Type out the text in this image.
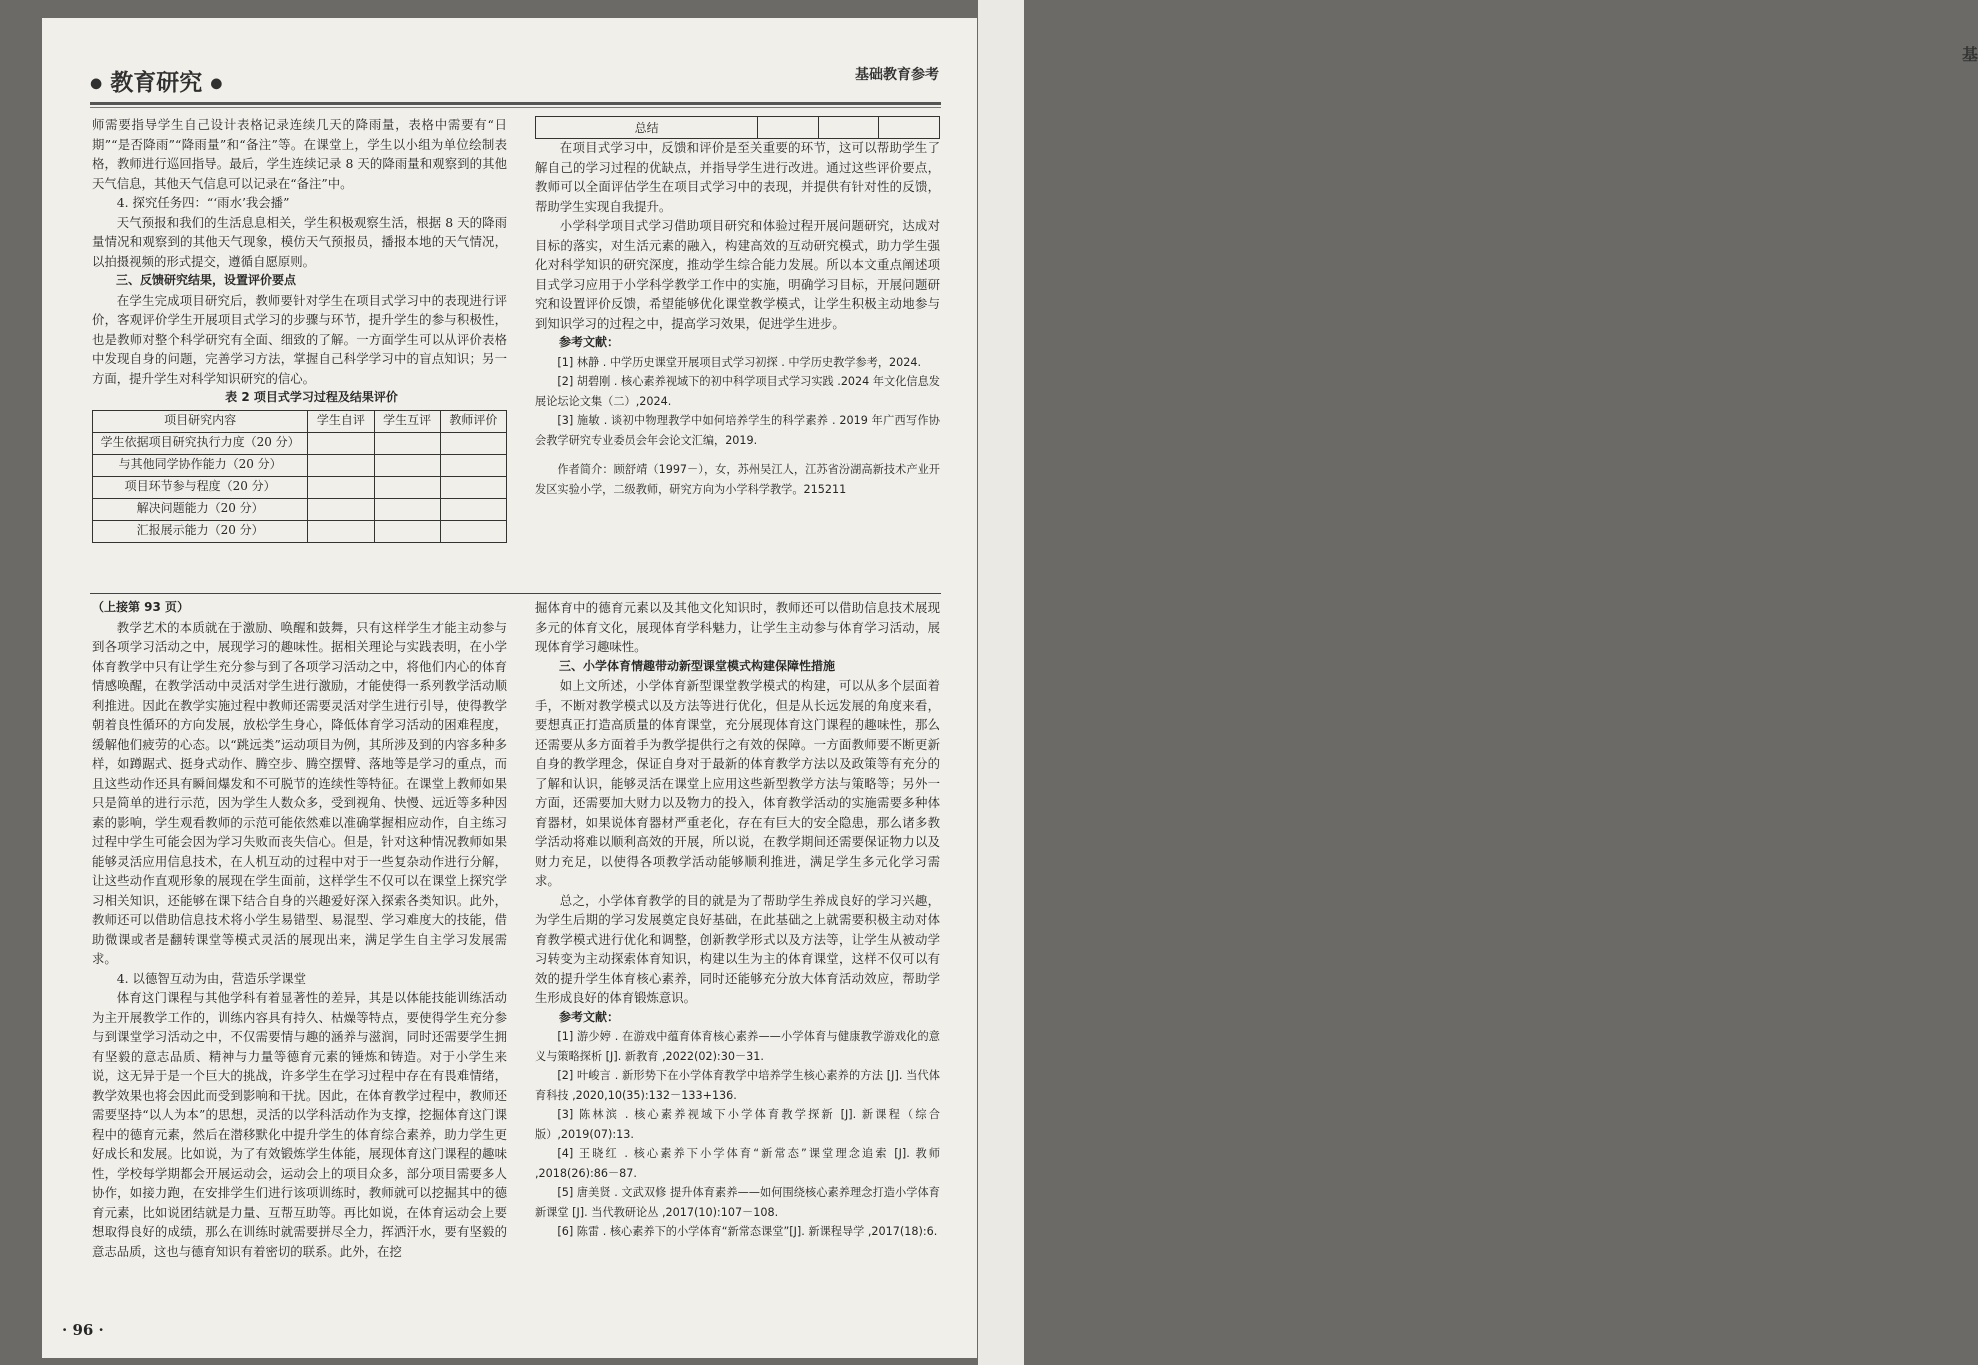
基
● 教育研究 ●
基础教育参考

师需要指导学生自己设计表格记录连续几天的降雨量，表格中需要有“日期”“是否降雨”“降雨量”和“备注”等。在课堂上，学生以小组为单位绘制表格，教师进行巡回指导。最后，学生连续记录 8 天的降雨量和观察到的其他天气信息，其他天气信息可以记录在“备注”中。

4. 探究任务四：“‘雨水’我会播”

天气预报和我们的生活息息相关，学生积极观察生活，根据 8 天的降雨量情况和观察到的其他天气现象，模仿天气预报员，播报本地的天气情况，以拍摄视频的形式提交，遵循自愿原则。

三、反馈研究结果，设置评价要点

在学生完成项目研究后，教师要针对学生在项目式学习中的表现进行评价，客观评价学生开展项目式学习的步骤与环节，提升学生的参与积极性，也是教师对整个科学研究有全面、细致的了解。一方面学生可以从评价表格中发现自身的问题，完善学习方法，掌握自己科学学习中的盲点知识；另一方面，提升学生对科学知识研究的信心。

表 2 项目式学习过程及结果评价

项目研究内容	学生自评	学生互评	教师评价
学生依据项目研究执行力度（20 分）			
与其他同学协作能力（20 分）			
项目环节参与程度（20 分）			
解决问题能力（20 分）			
汇报展示能力（20 分）			
总结			

在项目式学习中，反馈和评价是至关重要的环节，这可以帮助学生了解自己的学习过程的优缺点，并指导学生进行改进。通过这些评价要点，教师可以全面评估学生在项目式学习中的表现，并提供有针对性的反馈，帮助学生实现自我提升。

小学科学项目式学习借助项目研究和体验过程开展问题研究，达成对目标的落实，对生活元素的融入，构建高效的互动研究模式，助力学生强化对科学知识的研究深度，推动学生综合能力发展。所以本文重点阐述项目式学习应用于小学科学教学工作中的实施，明确学习目标，开展问题研究和设置评价反馈，希望能够优化课堂教学模式，让学生积极主动地参与到知识学习的过程之中，提高学习效果，促进学生进步。

参考文献：

[1] 林静 . 中学历史课堂开展项目式学习初探 . 中学历史教学参考，2024.

[2] 胡碧刚 . 核心素养视域下的初中科学项目式学习实践 .2024 年文化信息发展论坛论文集（二）,2024.

[3] 施敏 . 谈初中物理教学中如何培养学生的科学素养 . 2019 年广西写作协会教学研究专业委员会年会论文汇编，2019.

作者简介：顾舒靖（1997－），女，苏州吴江人，江苏省汾湖高新技术产业开发区实验小学，二级教师，研究方向为小学科学教学。215211

（上接第 93 页）

教学艺术的本质就在于激励、唤醒和鼓舞，只有这样学生才能主动参与到各项学习活动之中，展现学习的趣味性。据相关理论与实践表明，在小学体育教学中只有让学生充分参与到了各项学习活动之中，将他们内心的体育情感唤醒，在教学活动中灵活对学生进行激励，才能使得一系列教学活动顺利推进。因此在教学实施过程中教师还需要灵活对学生进行引导，使得教学朝着良性循环的方向发展，放松学生身心，降低体育学习活动的困难程度，缓解他们疲劳的心态。以“跳远类”运动项目为例，其所涉及到的内容多种多样，如蹲踞式、挺身式动作、腾空步、腾空摆臂、落地等是学习的重点，而且这些动作还具有瞬间爆发和不可脱节的连续性等特征。在课堂上教师如果只是简单的进行示范，因为学生人数众多，受到视角、快慢、远近等多种因素的影响，学生观看教师的示范可能依然难以准确掌握相应动作，自主练习过程中学生可能会因为学习失败而丧失信心。但是，针对这种情况教师如果能够灵活应用信息技术，在人机互动的过程中对于一些复杂动作进行分解，让这些动作直观形象的展现在学生面前，这样学生不仅可以在课堂上探究学习相关知识，还能够在课下结合自身的兴趣爱好深入探索各类知识。此外，教师还可以借助信息技术将小学生易错型、易混型、学习难度大的技能，借助微课或者是翻转课堂等模式灵活的展现出来，满足学生自主学习发展需求。

4. 以德智互动为由，营造乐学课堂

体育这门课程与其他学科有着显著性的差异，其是以体能技能训练活动为主开展教学工作的，训练内容具有持久、枯燥等特点，要使得学生充分参与到课堂学习活动之中，不仅需要情与趣的涵养与滋润，同时还需要学生拥有坚毅的意志品质、精神与力量等德育元素的锤炼和铸造。对于小学生来说，这无异于是一个巨大的挑战，许多学生在学习过程中存在有畏难情绪，教学效果也将会因此而受到影响和干扰。因此，在体育教学过程中，教师还需要坚持“以人为本”的思想，灵活的以学科活动作为支撑，挖掘体育这门课程中的德育元素，然后在潜移默化中提升学生的体育综合素养，助力学生更好成长和发展。比如说，为了有效锻炼学生体能，展现体育这门课程的趣味性，学校每学期都会开展运动会，运动会上的项目众多，部分项目需要多人协作，如接力跑，在安排学生们进行该项训练时，教师就可以挖掘其中的德育元素，比如说团结就是力量、互帮互助等。再比如说，在体育运动会上要想取得良好的成绩，那么在训练时就需要拼尽全力，挥洒汗水，要有坚毅的意志品质，这也与德育知识有着密切的联系。此外，在挖

掘体育中的德育元素以及其他文化知识时，教师还可以借助信息技术展现多元的体育文化，展现体育学科魅力，让学生主动参与体育学习活动，展现体育学习趣味性。

三、小学体育情趣带动新型课堂模式构建保障性措施

如上文所述，小学体育新型课堂教学模式的构建，可以从多个层面着手，不断对教学模式以及方法等进行优化，但是从长远发展的角度来看，要想真正打造高质量的体育课堂，充分展现体育这门课程的趣味性，那么还需要从多方面着手为教学提供行之有效的保障。一方面教师要不断更新自身的教学理念，保证自身对于最新的体育教学方法以及政策等有充分的了解和认识，能够灵活在课堂上应用这些新型教学方法与策略等；另外一方面，还需要加大财力以及物力的投入，体育教学活动的实施需要多种体育器材，如果说体育器材严重老化，存在有巨大的安全隐患，那么诸多教学活动将难以顺利高效的开展，所以说，在教学期间还需要保证物力以及财力充足，以使得各项教学活动能够顺利推进，满足学生多元化学习需求。

总之，小学体育教学的目的就是为了帮助学生养成良好的学习兴趣，为学生后期的学习发展奠定良好基础，在此基础之上就需要积极主动对体育教学模式进行优化和调整，创新教学形式以及方法等，让学生从被动学习转变为主动探索体育知识，构建以生为主的体育课堂，这样不仅可以有效的提升学生体育核心素养，同时还能够充分放大体育活动效应，帮助学生形成良好的体育锻炼意识。

参考文献：

[1] 游少婷 . 在游戏中蕴育体育核心素养——小学体育与健康教学游戏化的意义与策略探析 [J]. 新教育 ,2022(02):30－31.

[2] 叶峻言 . 新形势下在小学体育教学中培养学生核心素养的方法 [J]. 当代体育科技 ,2020,10(35):132－133+136.

[3] 陈林滨 . 核心素养视域下小学体育教学探新 [J]. 新课程（综合版）,2019(07):13.

[4] 王晓红 . 核心素养下小学体育“新常态”课堂理念追索 [J]. 教师 ,2018(26):86－87.

[5] 唐美贤 . 文武双修 提升体育素养——如何围绕核心素养理念打造小学体育新课堂 [J]. 当代教研论丛 ,2017(10):107－108.

[6] 陈雷 . 核心素养下的小学体育“新常态课堂”[J]. 新课程导学 ,2017(18):6.

· 96 ·
